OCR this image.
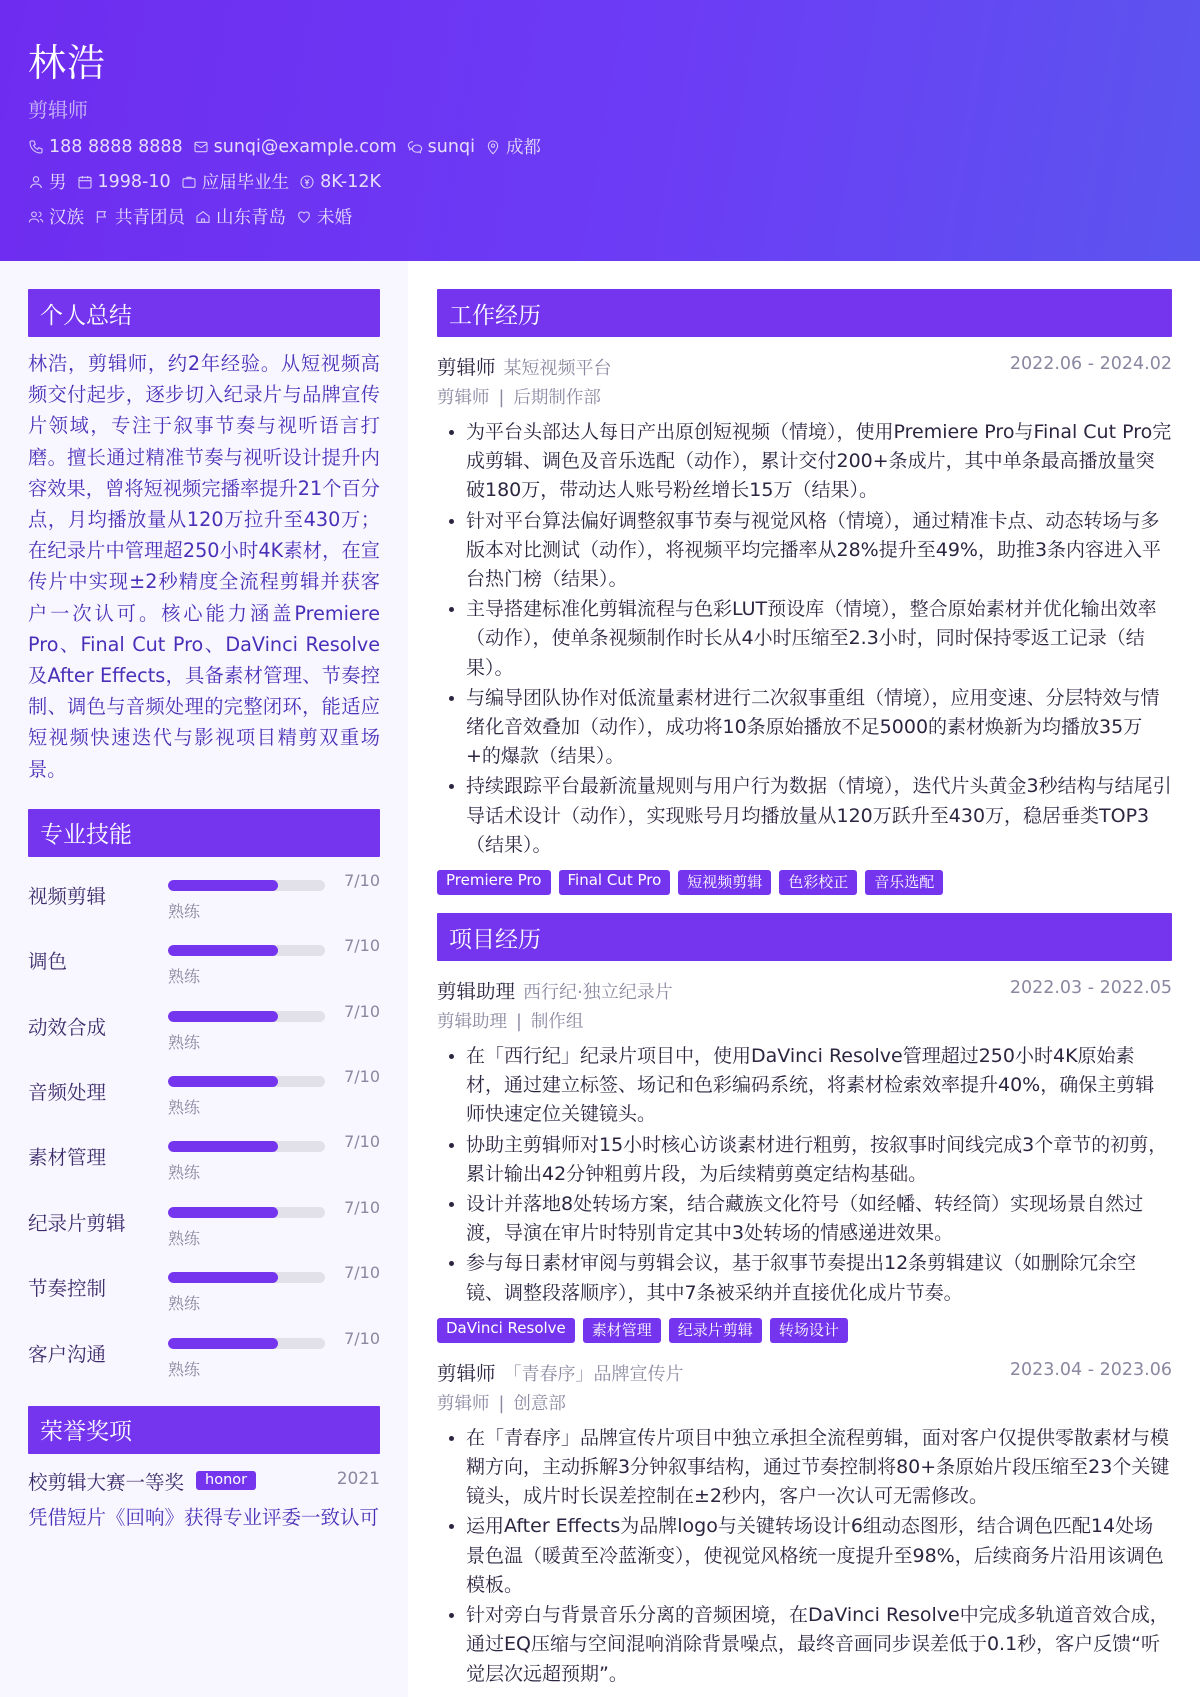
林浩
剪辑师
188 8888 8888 sunqi@example.com sunqi 成都
男 1998-10 应届毕业生 8K-12K
汉族 共青团员 山东青岛 未婚
个人总结

林浩，剪辑师，约2年经验。从短视频高频交付起步，逐步切入纪录片与品牌宣传片领域，专注于叙事节奏与视听语言打磨。擅长通过精准节奏与视听设计提升内容效果，曾将短视频完播率提升21个百分点，月均播放量从120万拉升至430万；在纪录片中管理超250小时4K素材，在宣传片中实现±2秒精度全流程剪辑并获客户一次认可。核心能力涵盖Premiere Pro、Final Cut Pro、DaVinci Resolve及After Effects，具备素材管理、节奏控制、调色与音频处理的完整闭环，能适应短视频快速迭代与影视项目精剪双重场景。

专业技能
视频剪辑
7/10
熟练
调色
7/10
熟练
动效合成
7/10
熟练
音频处理
7/10
熟练
素材管理
7/10
熟练
纪录片剪辑
7/10
熟练
节奏控制
7/10
熟练
客户沟通
7/10
熟练
荣誉奖项
校剪辑大赛一等奖	honor	2021
凭借短片《回响》获得专业评委一致认可
工作经历
剪辑师 某短视频平台	2022.06 - 2024.02
剪辑师 | 后期制作部
• 为平台头部达人每日产出原创短视频（情境），使用Premiere Pro与Final Cut Pro完成剪辑、调色及音乐选配（动作），累计交付200+条成片，其中单条最高播放量突破180万，带动达人账号粉丝增长15万（结果）。
• 针对平台算法偏好调整叙事节奏与视觉风格（情境），通过精准卡点、动态转场与多版本对比测试（动作），将视频平均完播率从28%提升至49%，助推3条内容进入平台热门榜（结果）。
• 主导搭建标准化剪辑流程与色彩LUT预设库（情境），整合原始素材并优化输出效率（动作），使单条视频制作时长从4小时压缩至2.3小时，同时保持零返工记录（结果）。
• 与编导团队协作对低流量素材进行二次叙事重组（情境），应用变速、分层特效与情绪化音效叠加（动作），成功将10条原始播放不足5000的素材焕新为均播放35万+的爆款（结果）。
• 持续跟踪平台最新流量规则与用户行为数据（情境），迭代片头黄金3秒结构与结尾引导话术设计（动作），实现账号月均播放量从120万跃升至430万，稳居垂类TOP3（结果）。
Premiere Pro	Final Cut Pro	短视频剪辑	色彩校正	音乐选配
项目经历
剪辑助理 西行纪·独立纪录片	2022.03 - 2022.05
剪辑助理 | 制作组
• 在「西行纪」纪录片项目中，使用DaVinci Resolve管理超过250小时4K原始素材，通过建立标签、场记和色彩编码系统，将素材检索效率提升40%，确保主剪辑师快速定位关键镜头。
• 协助主剪辑师对15小时核心访谈素材进行粗剪，按叙事时间线完成3个章节的初剪，累计输出42分钟粗剪片段，为后续精剪奠定结构基础。
• 设计并落地8处转场方案，结合藏族文化符号（如经幡、转经筒）实现场景自然过渡，导演在审片时特别肯定其中3处转场的情感递进效果。
• 参与每日素材审阅与剪辑会议，基于叙事节奏提出12条剪辑建议（如删除冗余空镜、调整段落顺序），其中7条被采纳并直接优化成片节奏。
DaVinci Resolve	素材管理	纪录片剪辑	转场设计
剪辑师 「青春序」品牌宣传片	2023.04 - 2023.06
剪辑师 | 创意部
• 在「青春序」品牌宣传片项目中独立承担全流程剪辑，面对客户仅提供零散素材与模糊方向，主动拆解3分钟叙事结构，通过节奏控制将80+条原始片段压缩至23个关键镜头，成片时长误差控制在±2秒内，客户一次认可无需修改。
• 运用After Effects为品牌logo与关键转场设计6组动态图形，结合调色匹配14处场景色温（暖黄至冷蓝渐变），使视觉风格统一度提升至98%，后续商务片沿用该调色模板。
• 针对旁白与背景音乐分离的音频困境，在DaVinci Resolve中完成多轨道音效合成，通过EQ压缩与空间混响消除背景噪点，最终音画同步误差低于0.1秒，客户反馈“听觉层次远超预期”。
